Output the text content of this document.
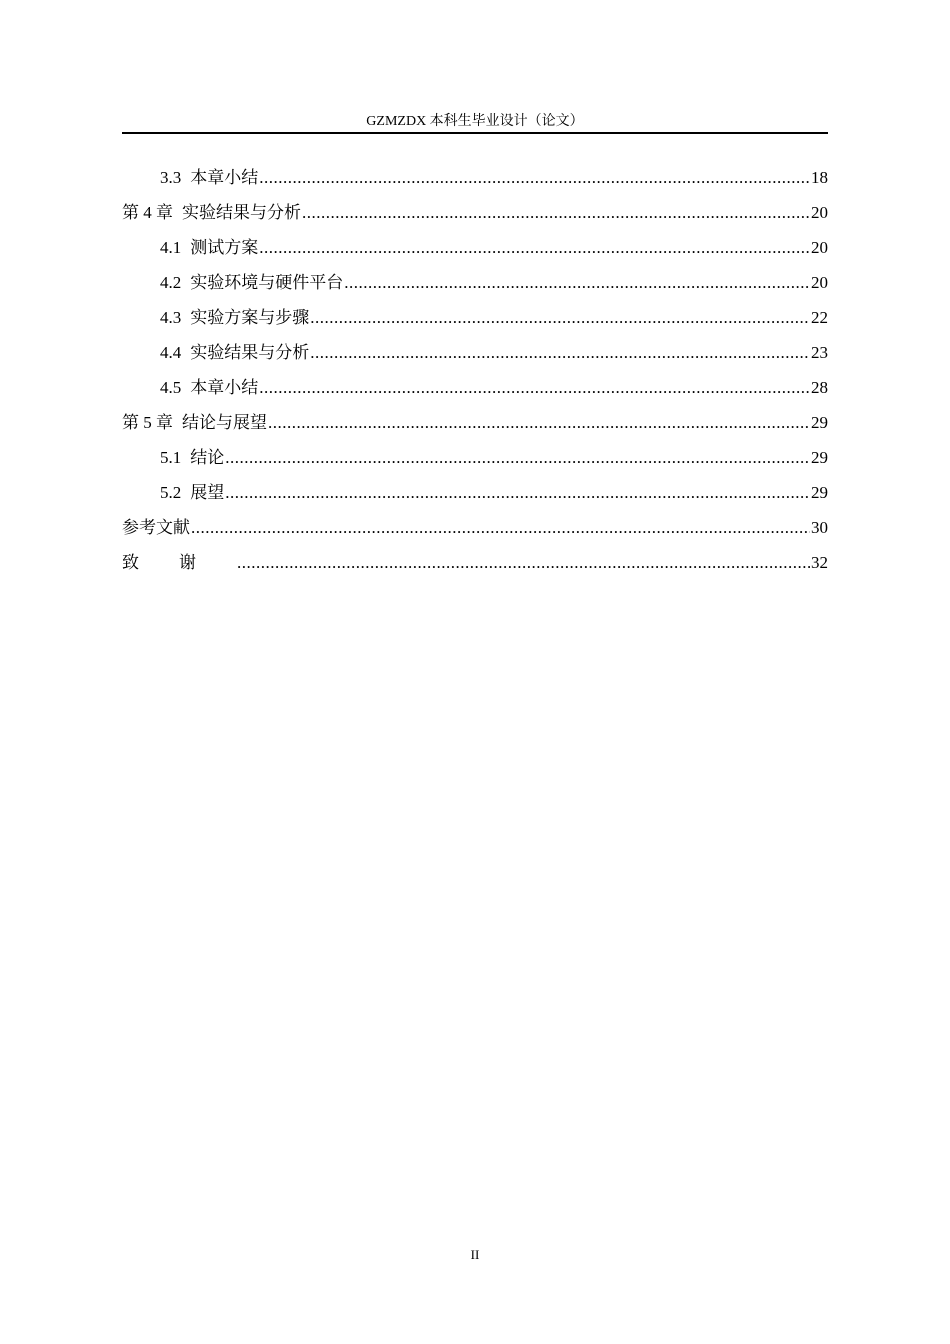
GZMZDX 本科生毕业设计（论文）
3.3 本章小结 .....	18
第 4 章 实验结果与分析 .....	20
4.1 测试方案 .....	20
4.2 实验环境与硬件平台 .....	20
4.3 实验方案与步骤 .....	22
4.4 实验结果与分析 .....	23
4.5 本章小结 .....	28
第 5 章 结论与展望 .....	29
5.1 结论 .....	29
5.2 展望 .....	29
参考文献 .....	30
致谢 .....	32
II
